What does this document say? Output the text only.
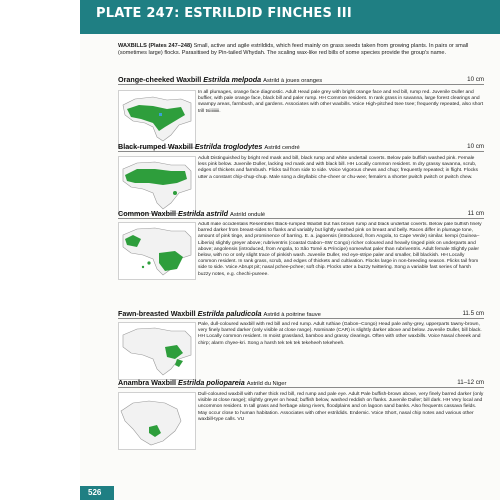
PLATE 247: ESTRILDID FINCHES III
WAXBILLS (Plates 247–248) Small, active and agile estrildids, which feed mainly on grass seeds taken from growing plants. In pairs or small (sometimes large) flocks. Parasitised by Pin-tailed Whydah. The scaling wax-like red bills of some species provide the group's name.
Orange-cheeked Waxbill Estrilda melpoda Astrild à joues oranges	10 cm
In all plumages, orange face diagnostic. Adult Head pale grey with bright orange face and red bill, rump red. Juvenile Duller and buffier, with pale orange face, black bill and paler rump. HH Common resident. In rank grass in savanna, large forest clearings and swampy areas, farmbush, and gardens. Associates with other waxbills. Voice High-pitched tsee tsee; frequently repeated, also short trill tsiiiiiiiii.
Black-rumped Waxbill Estrilda troglodytes Astrild cendré	10 cm
Adult Distinguished by bright red mask and bill, black rump and white undertail coverts. Below pale buffish washed pink. Female less pink below. Juvenile Duller, lacking red mask and with black bill. HH Locally common resident. In dry grassy savanna, scrub, edges of thickets and farmbush. Flicks tail from side to side. Voice Vigorous chews and chup; frequently repeated; in flight. Flocks utter a constant chip-chup-chup. Male song a disyllabic che-cheer or chu-wee; female's a shorter pwitch pwitch or pwitch chew.
Common Waxbill Estrilda astrild Astrild ondulé	11 cm
Adult male occidentalis Resembles Black-rumped Waxbill but has brown rump and black undertail coverts. Below pale buffish finely barred darker from breast-sides to flanks and variably but lightly washed pink on breast and belly. Races differ in plumage tone, amount of pink tinge, and prominence of barring. E. a. jagoensis (introduced, from Angola, to Cape Verde) similar. kempi (Guinea–Liberia) slightly greyer above; rubriventris (coastal Gabon–SW Congo) richer coloured and heavily tinged pink on underparts and above; angolensis (introduced, from Angola, to São Tomé & Príncipe) somewhat paler than rubriventris. Adult female Slightly paler below, with no or only slight trace of pinkish wash. Juvenile Duller, red eye-stripe paler and smaller, bill blackish. HH Locally common resident. In rank grass, scrub, and edges of thickets and cultivation. Flocks large in non-breeding season. Flicks tail from side to side. Voice Abrupt pit; nasal pchee-pchee; soft chip. Flocks utter a buzzy twittering. Song a variable fast series of harsh buzzy notes, e.g. chechi-pureee.
Fawn-breasted Waxbill Estrilda paludicola Astrild à poitrine fauve	11.5 cm
Pale, dull-coloured waxbill with red bill and red rump. Adult ruthiae (Gabon–Congo) Head pale ashy-grey, upperparts tawny-brown, very finely barred darker (only visible at close range). Nominate (CAR) is slightly darker above and below. Juvenile Duller, bill black. HH Locally common resident. In moist grassland, bamboo and grassy clearings. Often with other waxbills. Voice Nasal cheeek and chirp; alarm chyee-kri. Song a harsh tek tek tek tekeheeh tekeheeh.
Anambra Waxbill Estrilda poliopareia Astrild du Niger	11–12 cm
Dull-coloured waxbill with rather thick red bill, red rump and pale eye. Adult Pale buffish-brown above, very finely barred darker (only visible at close range); slightly greyer on head; buffish below, washed reddish on flanks. Juvenile Duller; bill dark. HH Very local and uncommon resident. In tall grass and herbage along rivers, floodplains and on lagoon sand banks. Also frequents cassava fields. May occur close to human habitation. Associates with other estrildids. Endemic. Voice Short, nasal chip notes and various other waxbill-type calls. VU
526
